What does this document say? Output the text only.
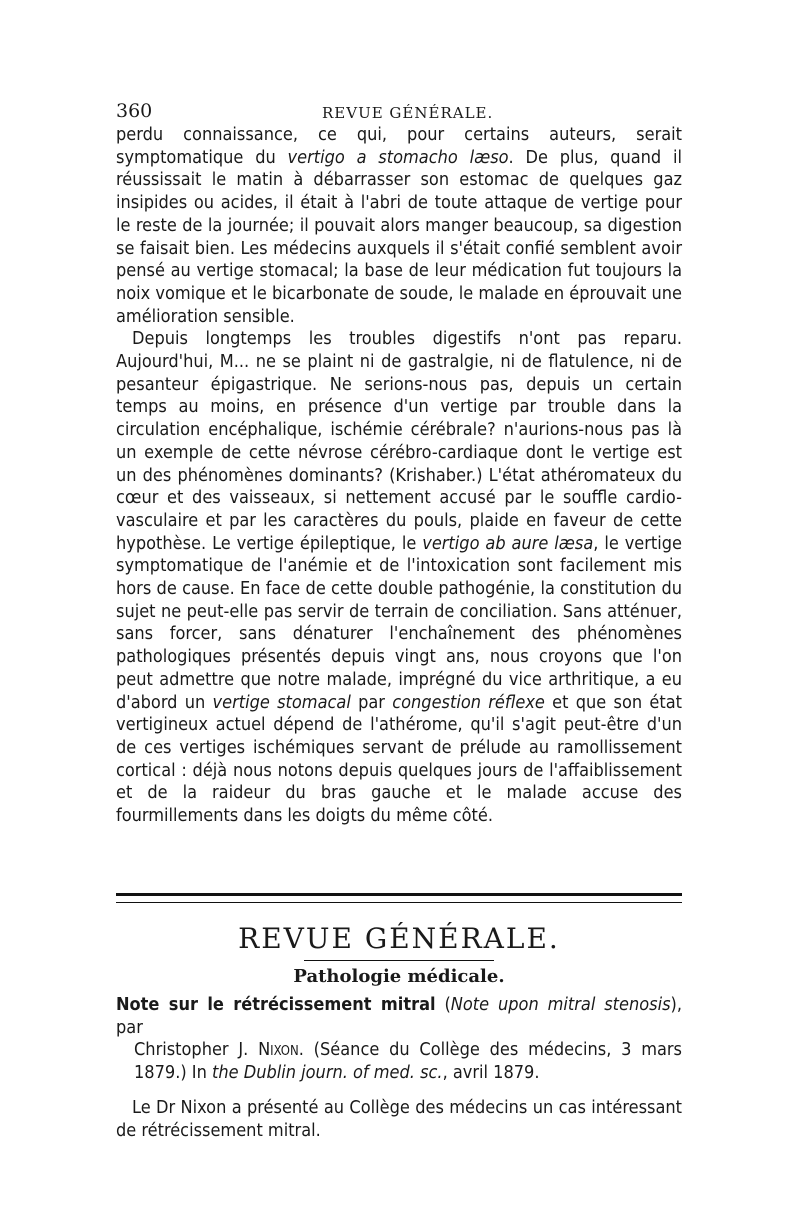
360	REVUE GÉNÉRALE.

perdu connaissance, ce qui, pour certains auteurs, serait symptomatique du vertigo a stomacho læso. De plus, quand il réussissait le matin à débarrasser son estomac de quelques gaz insipides ou acides, il était à l'abri de toute attaque de vertige pour le reste de la journée; il pouvait alors manger beaucoup, sa digestion se faisait bien. Les médecins auxquels il s'était confié semblent avoir pensé au vertige stomacal; la base de leur médication fut toujours la noix vomique et le bicarbonate de soude, le malade en éprouvait une amélioration sensible.

Depuis longtemps les troubles digestifs n'ont pas reparu. Aujourd'hui, M... ne se plaint ni de gastralgie, ni de flatulence, ni de pesanteur épigastrique. Ne serions-nous pas, depuis un certain temps au moins, en présence d'un vertige par trouble dans la circulation encéphalique, ischémie cérébrale? n'aurions-nous pas là un exemple de cette névrose cérébro-cardiaque dont le vertige est un des phénomènes dominants? (Krishaber.) L'état athéromateux du cœur et des vaisseaux, si nettement accusé par le souffle cardio-vasculaire et par les caractères du pouls, plaide en faveur de cette hypothèse. Le vertige épileptique, le vertigo ab aure læsa, le vertige symptomatique de l'anémie et de l'intoxication sont facilement mis hors de cause. En face de cette double pathogénie, la constitution du sujet ne peut-elle pas servir de terrain de conciliation. Sans atténuer, sans forcer, sans dénaturer l'enchaînement des phénomènes pathologiques présentés depuis vingt ans, nous croyons que l'on peut admettre que notre malade, imprégné du vice arthritique, a eu d'abord un vertige stomacal par congestion réflexe et que son état vertigineux actuel dépend de l'athérome, qu'il s'agit peut-être d'un de ces vertiges ischémiques servant de prélude au ramollissement cortical : déjà nous notons depuis quelques jours de l'affaiblissement et de la raideur du bras gauche et le malade accuse des fourmillements dans les doigts du même côté.

REVUE GÉNÉRALE.
Pathologie médicale.

Note sur le rétrécissement mitral (Note upon mitral stenosis), par
Christopher J. Nixon. (Séance du Collège des médecins, 3 mars 1879.) In the Dublin journ. of med. sc., avril 1879.

Le Dr Nixon a présenté au Collège des médecins un cas intéressant de rétrécissement mitral.
